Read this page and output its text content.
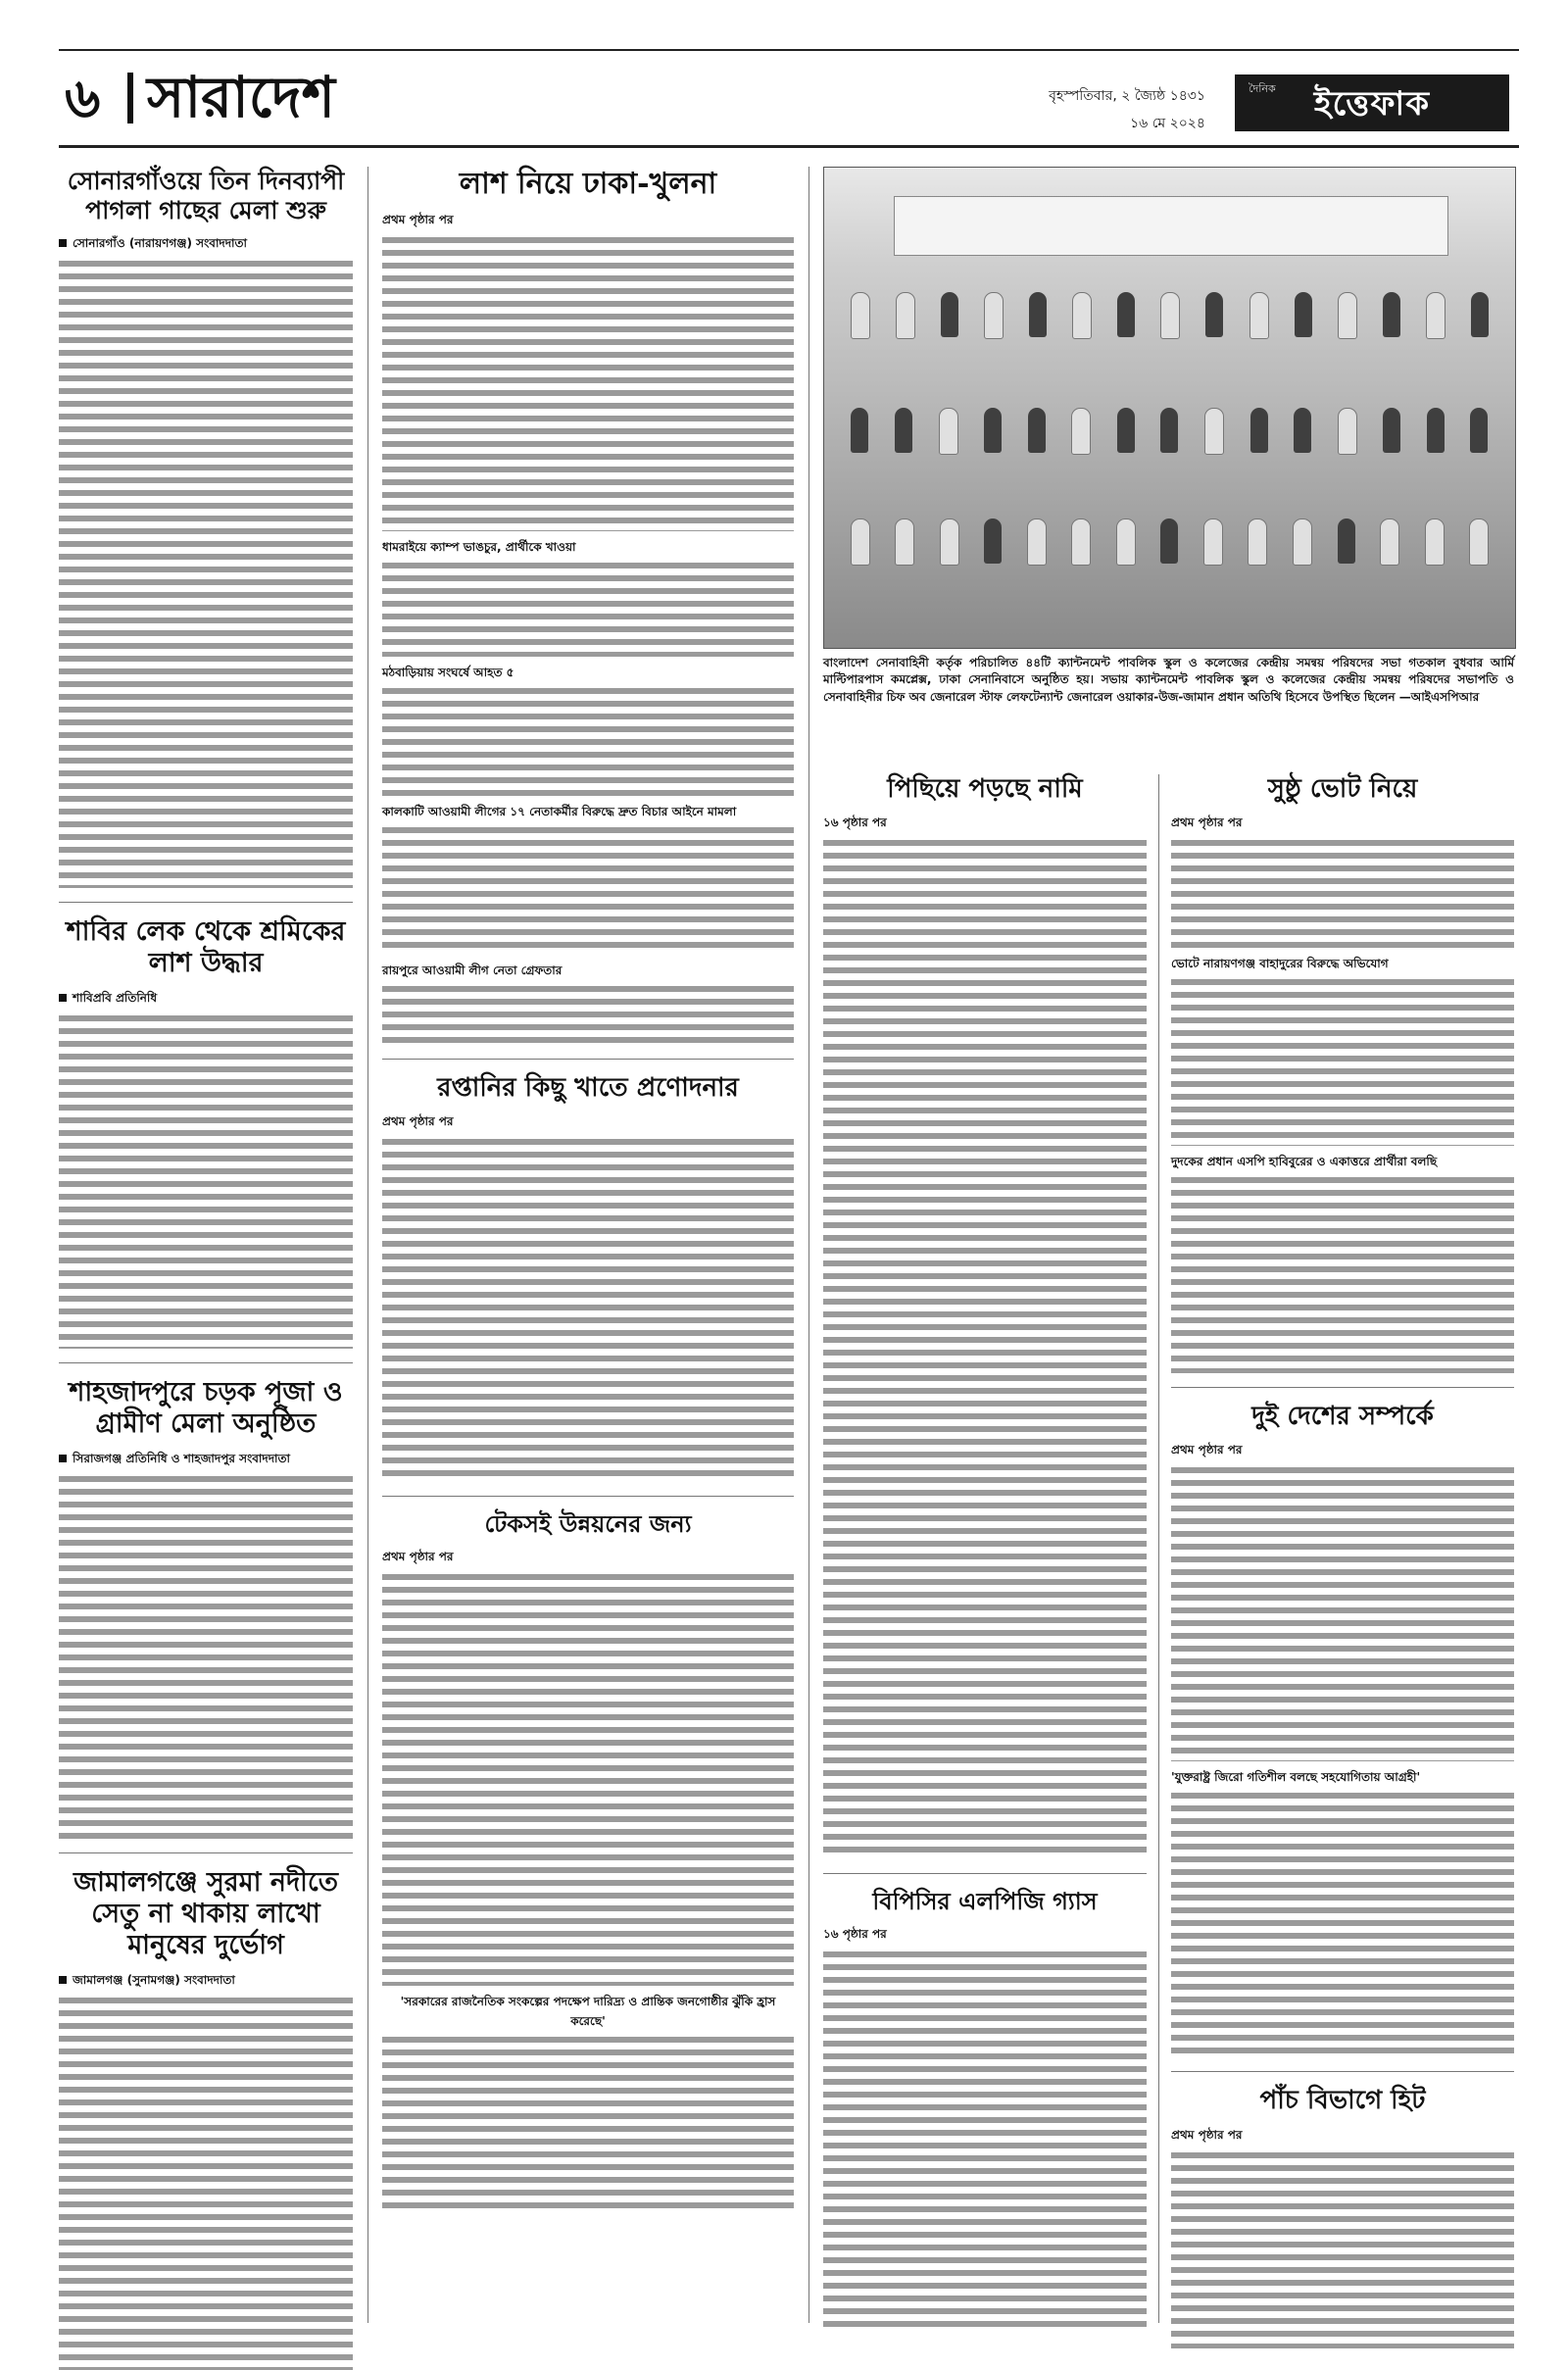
৬ সারাদেশ	বৃহস্পতিবার, ২ জ্যৈষ্ঠ ১৪৩১
১৬ মে ২০২৪
দৈনিক ইত্তেফাক
সোনারগাঁওয়ে তিন দিনব্যাপী পাগলা গাছের মেলা শুরু
সোনারগাঁও (নারায়ণগঞ্জ) সংবাদদাতা
শাবির লেক থেকে শ্রমিকের লাশ উদ্ধার
শাবিপ্রবি প্রতিনিধি
শাহজাদপুরে চড়ক পূজা ও গ্রামীণ মেলা অনুষ্ঠিত
সিরাজগঞ্জ প্রতিনিধি ও শাহজাদপুর সংবাদদাতা
জামালগঞ্জে সুরমা নদীতে সেতু না থাকায় লাখো মানুষের দুর্ভোগ
জামালগঞ্জ (সুনামগঞ্জ) সংবাদদাতা
লাশ নিয়ে ঢাকা-খুলনা
প্রথম পৃষ্ঠার পর
ধামরাইয়ে ক্যাম্প ভাঙচুর, প্রার্থীকে খাওয়া
মঠবাড়িয়ায় সংঘর্ষে আহত ৫
কালকাটি আওয়ামী লীগের ১৭ নেতাকর্মীর বিরুদ্ধে দ্রুত বিচার আইনে মামলা
রায়পুরে আওয়ামী লীগ নেতা গ্রেফতার
রপ্তানির কিছু খাতে প্রণোদনার
প্রথম পৃষ্ঠার পর
টেকসই উন্নয়নের জন্য
প্রথম পৃষ্ঠার পর
'সরকারের রাজনৈতিক সংকল্পের পদক্ষেপ দারিদ্র্য ও প্রান্তিক জনগোষ্ঠীর ঝুঁকি হ্রাস করেছে'

বাংলাদেশ সেনাবাহিনী কর্তৃক পরিচালিত ৪৪টি ক্যান্টনমেন্ট পাবলিক স্কুল ও কলেজের কেন্দ্রীয় সমন্বয় পরিষদের সভা গতকাল বুধবার আর্মি মাল্টিপারপাস কমপ্লেক্স, ঢাকা সেনানিবাসে অনুষ্ঠিত হয়। সভায় ক্যান্টনমেন্ট পাবলিক স্কুল ও কলেজের কেন্দ্রীয় সমন্বয় পরিষদের সভাপতি ও সেনাবাহিনীর চিফ অব জেনারেল স্টাফ লেফটেন্যান্ট জেনারেল ওয়াকার-উজ-জামান প্রধান অতিথি হিসেবে উপস্থিত ছিলেন —আইএসপিআর

পিছিয়ে পড়ছে নামি
১৬ পৃষ্ঠার পর
বিপিসির এলপিজি গ্যাস
১৬ পৃষ্ঠার পর
সুষ্ঠু ভোট নিয়ে
প্রথম পৃষ্ঠার পর
ভোটে নারায়ণগঞ্জ বাহাদুরের বিরুদ্ধে অভিযোগ
দুদকের প্রধান এসপি হাবিবুরের ও একাত্তরে প্রার্থীরা বলছি
দুই দেশের সম্পর্কে
প্রথম পৃষ্ঠার পর
'যুক্তরাষ্ট্র জিরো গতিশীল বলছে সহযোগিতায় আগ্রহী'
পাঁচ বিভাগে হিট
প্রথম পৃষ্ঠার পর
